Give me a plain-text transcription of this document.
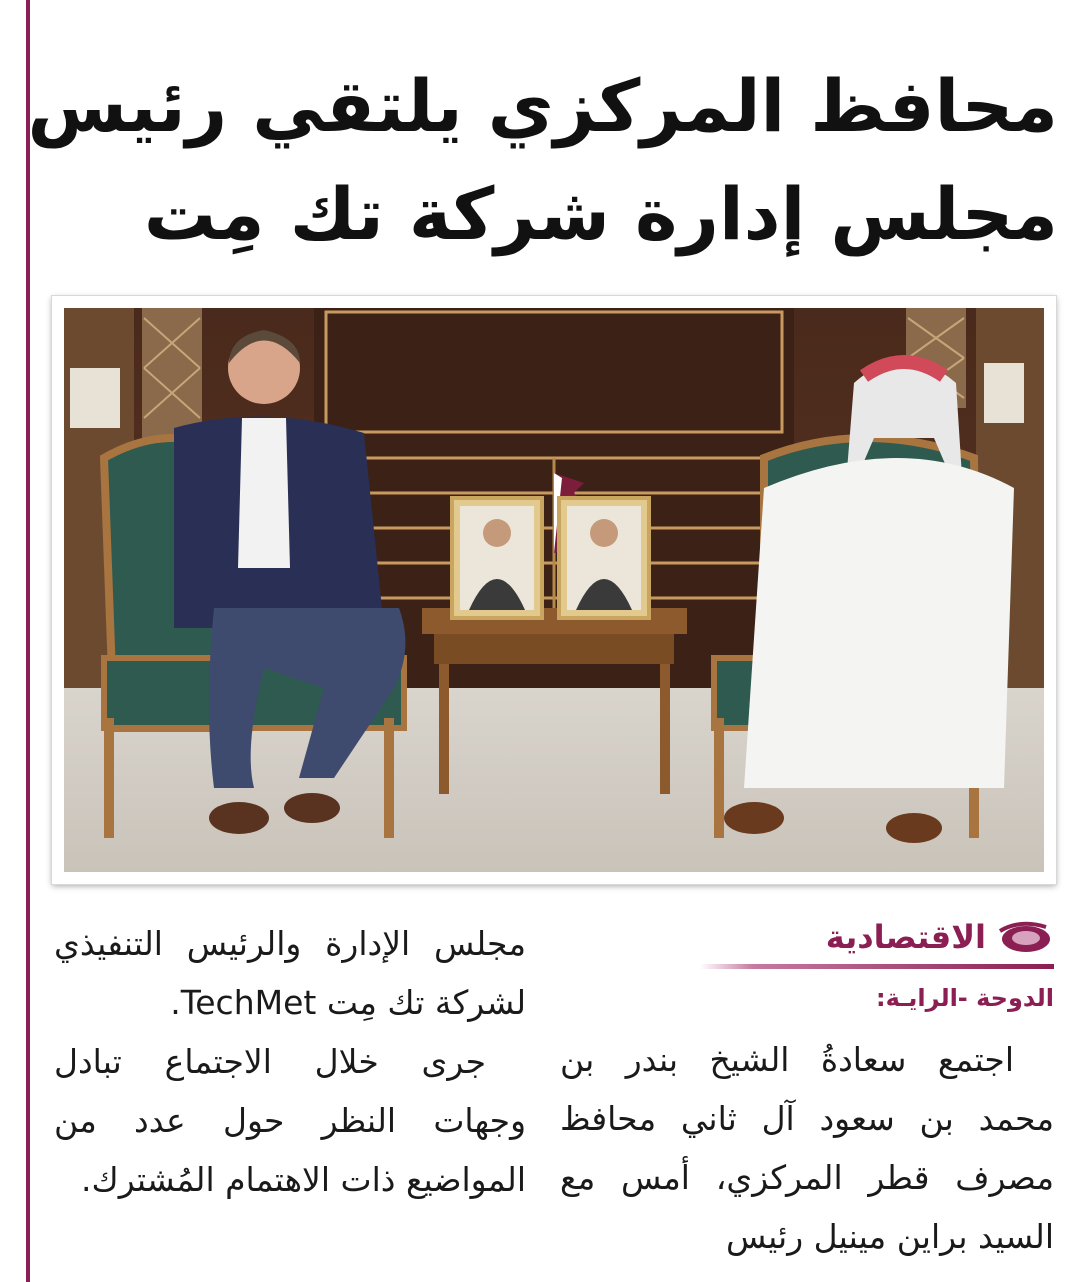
محافظ المركزي يلتقي رئيس
مجلس إدارة شركة تك مِت
الاقتصادية
الدوحة -الرايـة:

اجتمع سعادةُ الشيخ بندر بن محمد بن سعود آل ثاني محافظ مصرف قطر المركزي، أمس مع السيد براين مينيل رئيس

مجلس الإدارة والرئيس التنفيذي لشركة تك مِت TechMet.

جرى خلال الاجتماع تبادل وجهات النظر حول عدد من المواضيع ذات الاهتمام المُشترك.
